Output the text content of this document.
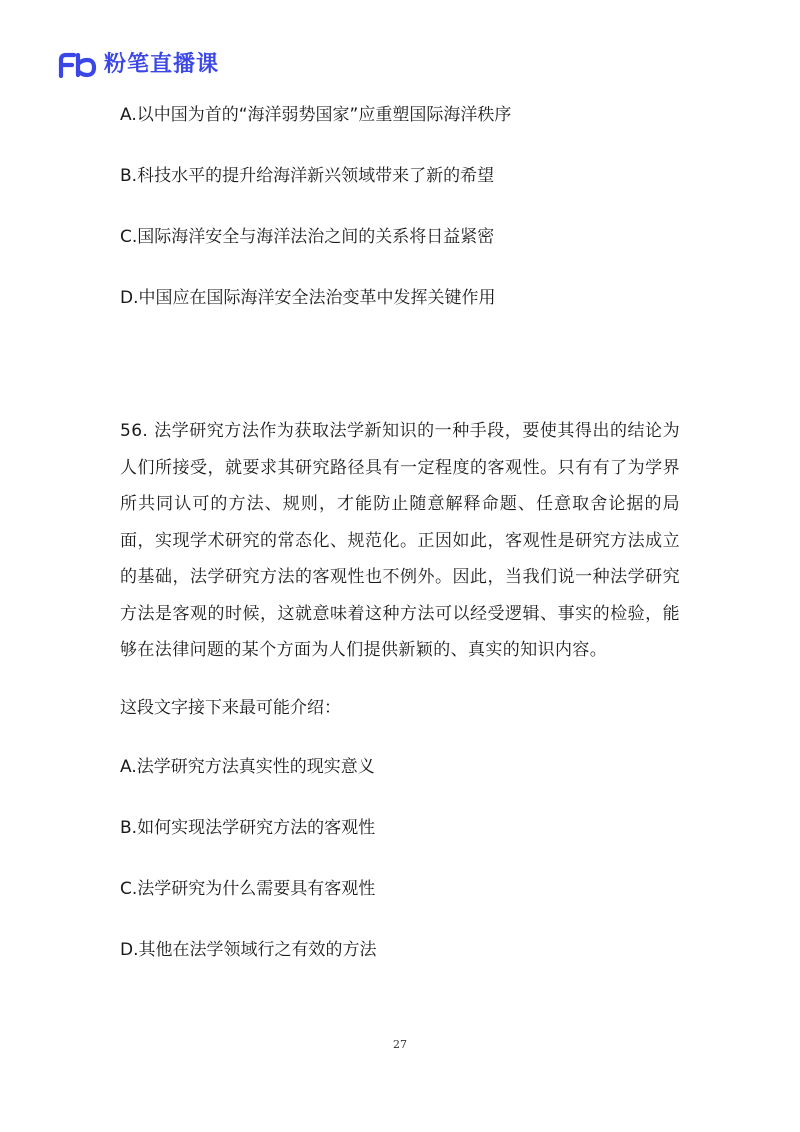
粉笔直播课

A.以中国为首的“海洋弱势国家”应重塑国际海洋秩序

B.科技水平的提升给海洋新兴领域带来了新的希望

C.国际海洋安全与海洋法治之间的关系将日益紧密

D.中国应在国际海洋安全法治变革中发挥关键作用

56. 法学研究方法作为获取法学新知识的一种手段，要使其得出的结论为人们所接受，就要求其研究路径具有一定程度的客观性。只有有了为学界所共同认可的方法、规则，才能防止随意解释命题、任意取舍论据的局面，实现学术研究的常态化、规范化。正因如此，客观性是研究方法成立的基础，法学研究方法的客观性也不例外。因此，当我们说一种法学研究方法是客观的时候，这就意味着这种方法可以经受逻辑、事实的检验，能够在法律问题的某个方面为人们提供新颖的、真实的知识内容。

这段文字接下来最可能介绍：

A.法学研究方法真实性的现实意义

B.如何实现法学研究方法的客观性

C.法学研究为什么需要具有客观性

D.其他在法学领域行之有效的方法

27
